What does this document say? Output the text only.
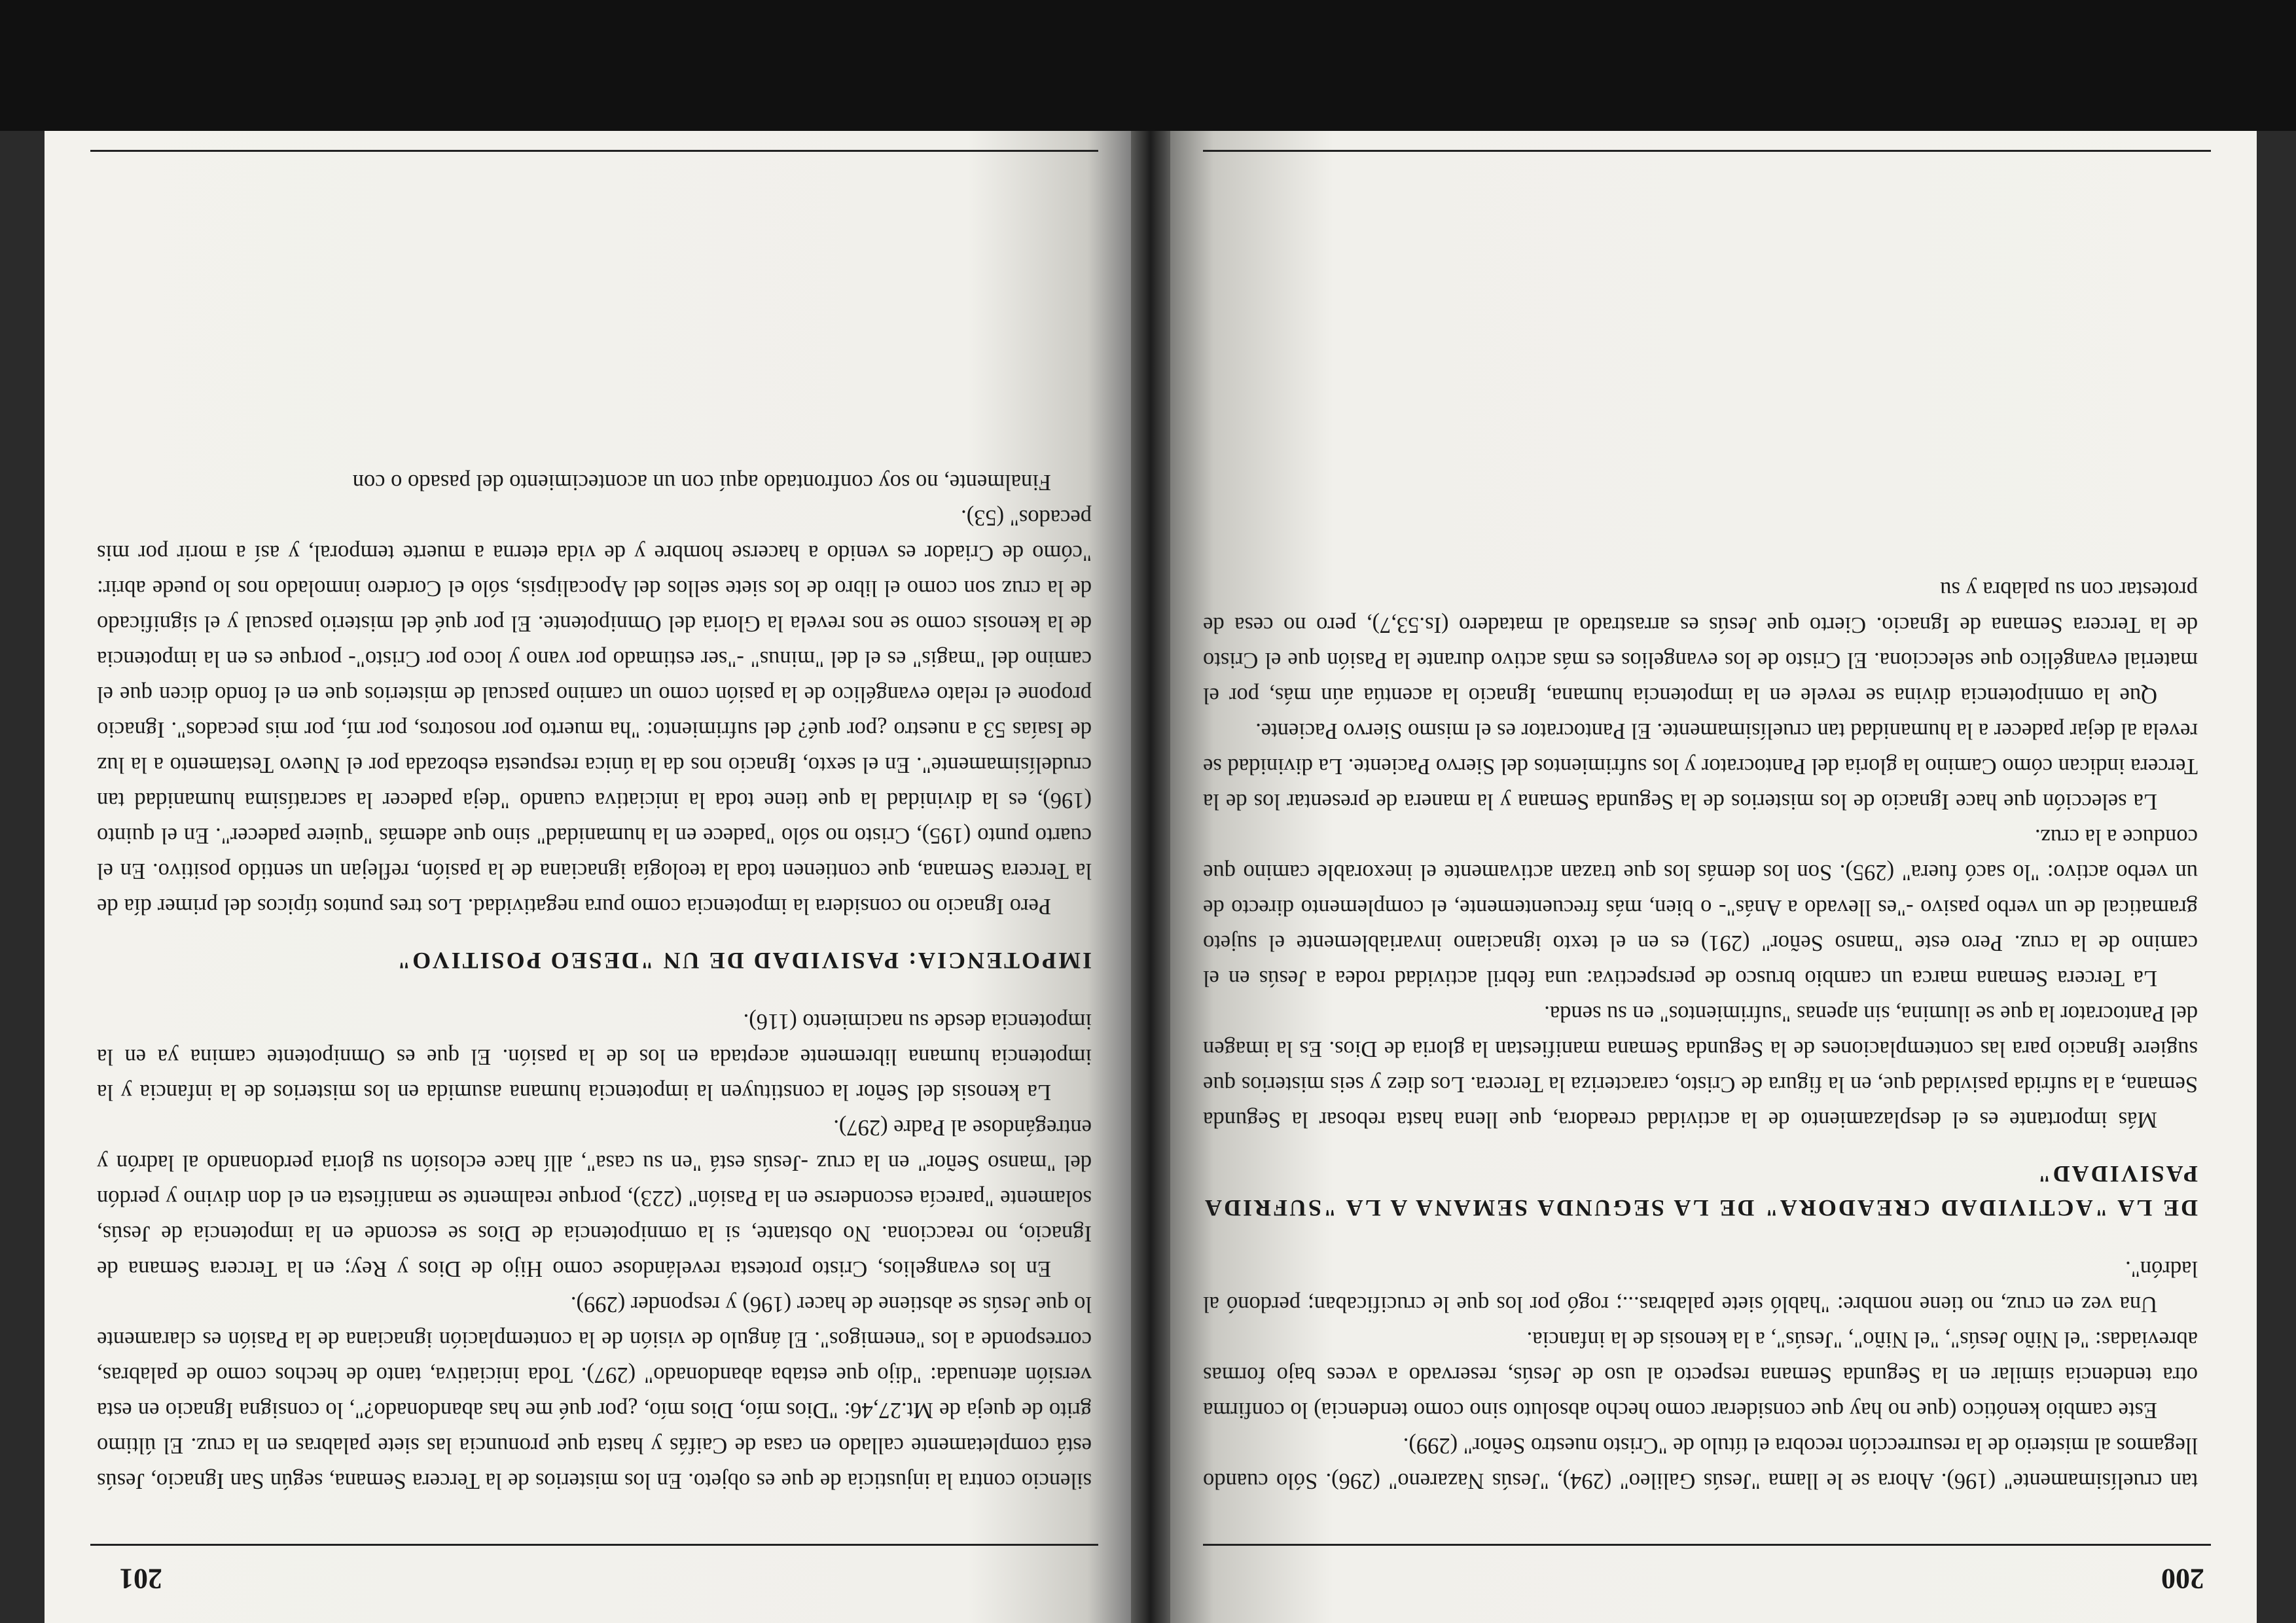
200

tan cruelísimamente" (196). Ahora se le llama "Jesús Galileo" (294), "Jesús Nazareno" (296). Sólo cuando llegamos al misterio de la resurrección recobra el título de "Cristo nuestro Señor" (299).

Este cambio kenótico (que no hay que considerar como hecho absoluto sino como tendencia) lo confirma otra tendencia similar en la Segunda Semana respecto al uso de Jesús, reservado a veces bajo formas abreviadas: "el Niño Jesús", "el Niño", "Jesús", a la kenosis de la infancia.

Una vez en cruz, no tiene nombre: "habló siete palabras...; rogó por los que le crucificaban; perdonó al ladrón".

DE LA "ACTIVIDAD CREADORA" DE LA SEGUNDA SEMANA A LA "SUFRIDA PASIVIDAD"

Más importante es el desplazamiento de la actividad creadora, que llena hasta rebosar la Segunda Semana, a la sufrida pasividad que, en la figura de Cristo, caracteriza la Tercera. Los diez y seis misterios que sugiere Ignacio para las contemplaciones de la Segunda Semana manifiestan la gloria de Dios. Es la imagen del Pantocrator la que se ilumina, sin apenas "sufrimientos" en su senda.

La Tercera Semana marca un cambio brusco de perspectiva: una febril actividad rodea a Jesús en el camino de la cruz. Pero este "manso Señor" (291) es en el texto ignaciano invariablemente el sujeto gramatical de un verbo pasivo -"es llevado a Anás"- o bien, más frecuentemente, el complemento directo de un verbo activo: "lo sacó fuera" (295). Son los demás los que trazan activamente el inexorable camino que conduce a la cruz.

La selección que hace Ignacio de los misterios de la Segunda Semana y la manera de presentar los de la Tercera indican cómo Camino la gloria del Pantocrator y los sufrimientos del Siervo Paciente. La divinidad se revela al dejar padecer a la humanidad tan cruelísimamente. El Pantocrator es el mismo Siervo Paciente.

Que la omnipotencia divina se revele en la impotencia humana, Ignacio la acentúa aún más, por el material evangélico que selecciona. El Cristo de los evangelios es más activo durante la Pasión que el Cristo de la Tercera Semana de Ignacio. Cierto que Jesús es arrastrado al matadero (Is.53,7), pero no cesa de protestar con su palabra y su

201

silencio contra la injusticia de que es objeto. En los misterios de la Tercera Semana, según San Ignacio, Jesús está completamente callado en casa de Caifás y hasta que pronuncia las siete palabras en la cruz. El último grito de queja de Mt.27,46: "Dios mío, Dios mío, ¿por qué me has abandonado?", lo consigna Ignacio en esta versión atenuada: "dijo que estaba abandonado" (297). Toda iniciativa, tanto de hechos como de palabras, corresponde a los "enemigos". El ángulo de visión de la contemplación ignaciana de la Pasión es claramente lo que Jesús se abstiene de hacer (196) y responder (299).

En los evangelios, Cristo protesta revelándose como Hijo de Dios y Rey; en la Tercera Semana de Ignacio, no reacciona. No obstante, si la omnipotencia de Dios se esconde en la impotencia de Jesús, solamente "parecía esconderse en la Pasión" (223), porque realmente se manifiesta en el don divino y perdón del "manso Señor" en la cruz -Jesús está "en su casa", allí hace eclosión su gloria perdonando al ladrón y entregándose al Padre (297).

La kenosis del Señor la constituyen la impotencia humana asumida en los misterios de la infancia y la impotencia humana libremente aceptada en los de la pasión. El que es Omnipotente camina ya en la impotencia desde su nacimiento (116).

IMPOTENCIA: PASIVIDAD DE UN "DESEO POSITIVO"

Pero Ignacio no considera la impotencia como pura negatividad. Los tres puntos típicos del primer día de la Tercera Semana, que contienen toda la teología ignaciana de la pasión, reflejan un sentido positivo. En el cuarto punto (195), Cristo no sólo "padece en la humanidad" sino que además "quiere padecer". En el quinto (196), es la divinidad la que tiene toda la iniciativa cuando "deja padecer la sacratísima humanidad tan crudelísimamente". En el sexto, Ignacio nos da la única respuesta esbozada por el Nuevo Testamento a la luz de Isaías 53 a nuestro ¿por qué? del sufrimiento: "ha muerto por nosotros, por mí, por mis pecados". Ignacio propone el relato evangélico de la pasión como un camino pascual de misterios que en el fondo dicen que el camino del "magis" es el del "minus" -"ser estimado por vano y loco por Cristo"- porque es en la impotencia de la kenosis como se nos revela la Gloria del Omnipotente. El por qué del misterio pascual y el significado de la cruz son como el libro de los siete sellos del Apocalipsis, sólo el Cordero inmolado nos lo puede abrir: "cómo de Criador es venido a hacerse hombre y de vida eterna a muerte temporal, y así a morir por mis pecados" (53).

Finalmente, no soy confrontado aquí con un acontecimiento del pasado o con
